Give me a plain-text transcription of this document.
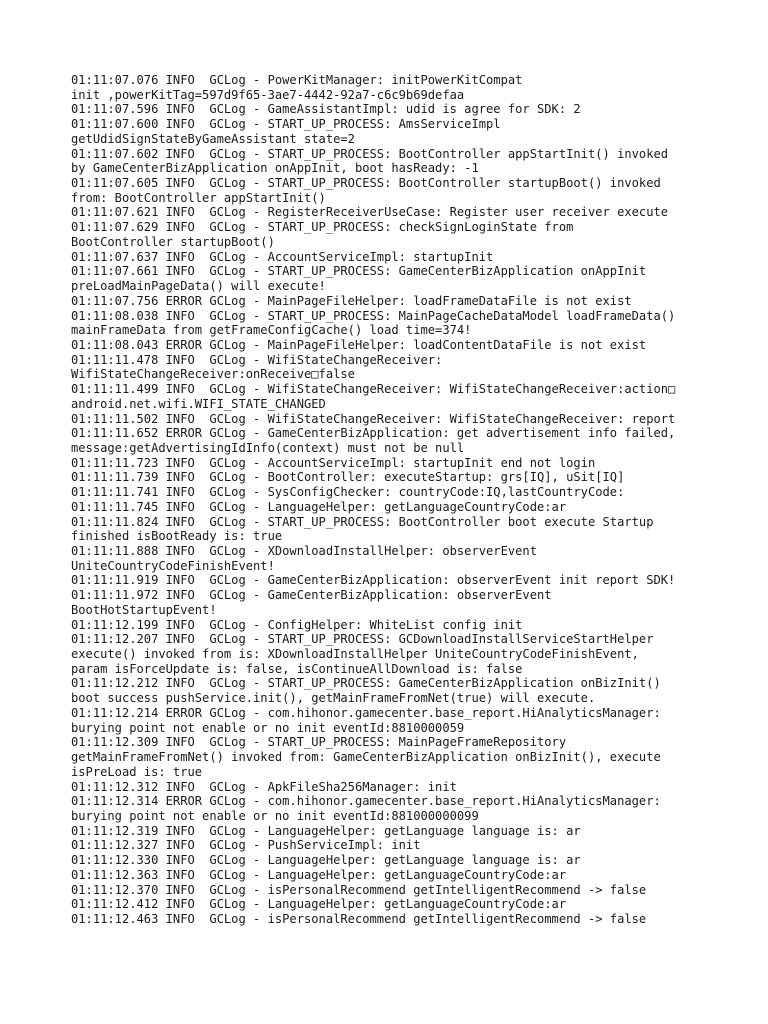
01:11:07.076 INFO  GCLog - PowerKitManager: initPowerKitCompat

init ,powerKitTag=597d9f65-3ae7-4442-92a7-c6c9b69defaa

01:11:07.596 INFO  GCLog - GameAssistantImpl: udid is agree for SDK: 2

01:11:07.600 INFO  GCLog - START_UP_PROCESS: AmsServiceImpl

getUdidSignStateByGameAssistant state=2

01:11:07.602 INFO  GCLog - START_UP_PROCESS: BootController appStartInit() invoked

by GameCenterBizApplication onAppInit, boot hasReady: -1

01:11:07.605 INFO  GCLog - START_UP_PROCESS: BootController startupBoot() invoked

from: BootController appStartInit()

01:11:07.621 INFO  GCLog - RegisterReceiverUseCase: Register user receiver execute

01:11:07.629 INFO  GCLog - START_UP_PROCESS: checkSignLoginState from

BootController startupBoot()

01:11:07.637 INFO  GCLog - AccountServiceImpl: startupInit

01:11:07.661 INFO  GCLog - START_UP_PROCESS: GameCenterBizApplication onAppInit

preLoadMainPageData() will execute!

01:11:07.756 ERROR GCLog - MainPageFileHelper: loadFrameDataFile is not exist

01:11:08.038 INFO  GCLog - START_UP_PROCESS: MainPageCacheDataModel loadFrameData()

mainFrameData from getFrameConfigCache() load time=374!

01:11:08.043 ERROR GCLog - MainPageFileHelper: loadContentDataFile is not exist

01:11:11.478 INFO  GCLog - WifiStateChangeReceiver:

WifiStateChangeReceiver:onReceive□false

01:11:11.499 INFO  GCLog - WifiStateChangeReceiver: WifiStateChangeReceiver:action□

android.net.wifi.WIFI_STATE_CHANGED

01:11:11.502 INFO  GCLog - WifiStateChangeReceiver: WifiStateChangeReceiver: report

01:11:11.652 ERROR GCLog - GameCenterBizApplication: get advertisement info failed,

message:getAdvertisingIdInfo(context) must not be null

01:11:11.723 INFO  GCLog - AccountServiceImpl: startupInit end not login

01:11:11.739 INFO  GCLog - BootController: executeStartup: grs[IQ], uSit[IQ]

01:11:11.741 INFO  GCLog - SysConfigChecker: countryCode:IQ,lastCountryCode:

01:11:11.745 INFO  GCLog - LanguageHelper: getLanguageCountryCode:ar

01:11:11.824 INFO  GCLog - START_UP_PROCESS: BootController boot execute Startup

finished isBootReady is: true

01:11:11.888 INFO  GCLog - XDownloadInstallHelper: observerEvent

UniteCountryCodeFinishEvent!

01:11:11.919 INFO  GCLog - GameCenterBizApplication: observerEvent init report SDK!

01:11:11.972 INFO  GCLog - GameCenterBizApplication: observerEvent

BootHotStartupEvent!

01:11:12.199 INFO  GCLog - ConfigHelper: WhiteList config init

01:11:12.207 INFO  GCLog - START_UP_PROCESS: GCDownloadInstallServiceStartHelper

execute() invoked from is: XDownloadInstallHelper UniteCountryCodeFinishEvent,

param isForceUpdate is: false, isContinueAllDownload is: false

01:11:12.212 INFO  GCLog - START_UP_PROCESS: GameCenterBizApplication onBizInit()

boot success pushService.init(), getMainFrameFromNet(true) will execute.

01:11:12.214 ERROR GCLog - com.hihonor.gamecenter.base_report.HiAnalyticsManager:

burying point not enable or no init eventId:8810000059

01:11:12.309 INFO  GCLog - START_UP_PROCESS: MainPageFrameRepository

getMainFrameFromNet() invoked from: GameCenterBizApplication onBizInit(), execute

isPreLoad is: true

01:11:12.312 INFO  GCLog - ApkFileSha256Manager: init

01:11:12.314 ERROR GCLog - com.hihonor.gamecenter.base_report.HiAnalyticsManager:

burying point not enable or no init eventId:881000000099

01:11:12.319 INFO  GCLog - LanguageHelper: getLanguage language is: ar

01:11:12.327 INFO  GCLog - PushServiceImpl: init

01:11:12.330 INFO  GCLog - LanguageHelper: getLanguage language is: ar

01:11:12.363 INFO  GCLog - LanguageHelper: getLanguageCountryCode:ar

01:11:12.370 INFO  GCLog - isPersonalRecommend getIntelligentRecommend -> false

01:11:12.412 INFO  GCLog - LanguageHelper: getLanguageCountryCode:ar

01:11:12.463 INFO  GCLog - isPersonalRecommend getIntelligentRecommend -> false
